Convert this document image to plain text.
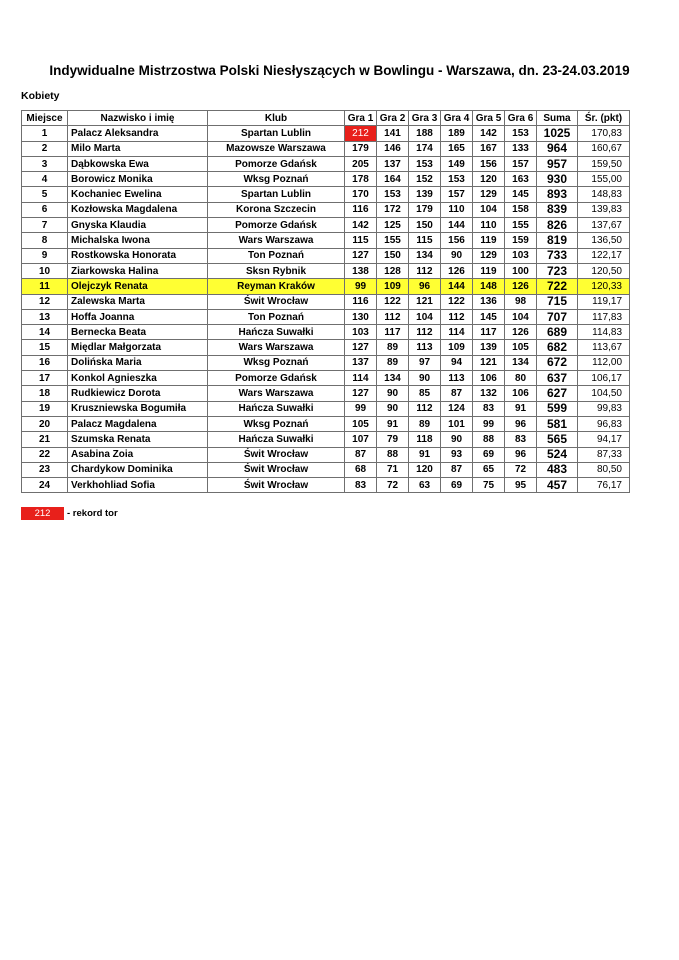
Indywidualne Mistrzostwa Polski Niesłyszących w Bowlingu - Warszawa, dn. 23-24.03.2019
Kobiety
Miejsce	Nazwisko i imię	Klub	Gra 1	Gra 2	Gra 3	Gra 4	Gra 5	Gra 6	Suma	Śr. (pkt)
1	Palacz Aleksandra	Spartan Lublin	212	141	188	189	142	153	1025	170,83
2	Milo Marta	Mazowsze Warszawa	179	146	174	165	167	133	964	160,67
3	Dąbkowska Ewa	Pomorze Gdańsk	205	137	153	149	156	157	957	159,50
4	Borowicz Monika	Wksg Poznań	178	164	152	153	120	163	930	155,00
5	Kochaniec Ewelina	Spartan Lublin	170	153	139	157	129	145	893	148,83
6	Kozłowska Magdalena	Korona Szczecin	116	172	179	110	104	158	839	139,83
7	Gnyska Klaudia	Pomorze Gdańsk	142	125	150	144	110	155	826	137,67
8	Michalska Iwona	Wars Warszawa	115	155	115	156	119	159	819	136,50
9	Rostkowska Honorata	Ton Poznań	127	150	134	90	129	103	733	122,17
10	Ziarkowska Halina	Sksn Rybnik	138	128	112	126	119	100	723	120,50
11	Olejczyk Renata	Reyman Kraków	99	109	96	144	148	126	722	120,33
12	Zalewska Marta	Świt Wrocław	116	122	121	122	136	98	715	119,17
13	Hoffa Joanna	Ton Poznań	130	112	104	112	145	104	707	117,83
14	Bernecka Beata	Hańcza Suwałki	103	117	112	114	117	126	689	114,83
15	Międlar Małgorzata	Wars Warszawa	127	89	113	109	139	105	682	113,67
16	Dolińska Maria	Wksg Poznań	137	89	97	94	121	134	672	112,00
17	Konkol Agnieszka	Pomorze Gdańsk	114	134	90	113	106	80	637	106,17
18	Rudkiewicz Dorota	Wars Warszawa	127	90	85	87	132	106	627	104,50
19	Kruszniewska Bogumiła	Hańcza Suwałki	99	90	112	124	83	91	599	99,83
20	Palacz Magdalena	Wksg Poznań	105	91	89	101	99	96	581	96,83
21	Szumska Renata	Hańcza Suwałki	107	79	118	90	88	83	565	94,17
22	Asabina Zoia	Świt Wrocław	87	88	91	93	69	96	524	87,33
23	Chardykow Dominika	Świt Wrocław	68	71	120	87	65	72	483	80,50
24	Verkhohliad Sofia	Świt Wrocław	83	72	63	69	75	95	457	76,17
212	- rekord tor
